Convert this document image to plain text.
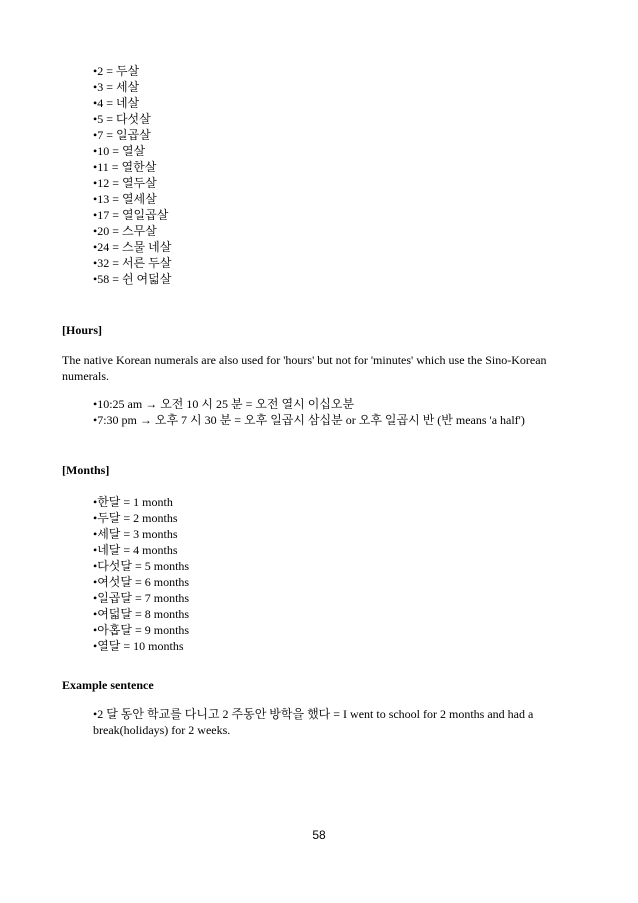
•2 = 두살
•3 = 세살
•4 = 네살
•5 = 다섯살
•7 = 일곱살
•10 = 열살
•11 = 열한살
•12 = 열두살
•13 = 열세살
•17 = 열일곱살
•20 = 스무살
•24 = 스물 네살
•32 = 서른 두살
•58 = 쉰 여덟살
[Hours]
The native Korean numerals are also used for 'hours' but not for 'minutes' which use the Sino-Korean numerals.
•10:25 am → 오전 10 시 25 분 = 오전 열시 이십오분
•7:30 pm → 오후 7 시 30 분 = 오후 일곱시 삼십분 or 오후 일곱시 반 (반 means 'a half')
[Months]
•한달 = 1 month
•두달 = 2 months
•세달 = 3 months
•네달 = 4 months
•다섯달 = 5 months
•여섯달 = 6 months
•일곱달 = 7 months
•여덟달 = 8 months
•아홉달 = 9 months
•열달 = 10 months
Example sentence
•2 달 동안 학교를 다니고 2 주동안 방학을 했다 = I went to school for 2 months and had a break(holidays) for 2 weeks.
58
